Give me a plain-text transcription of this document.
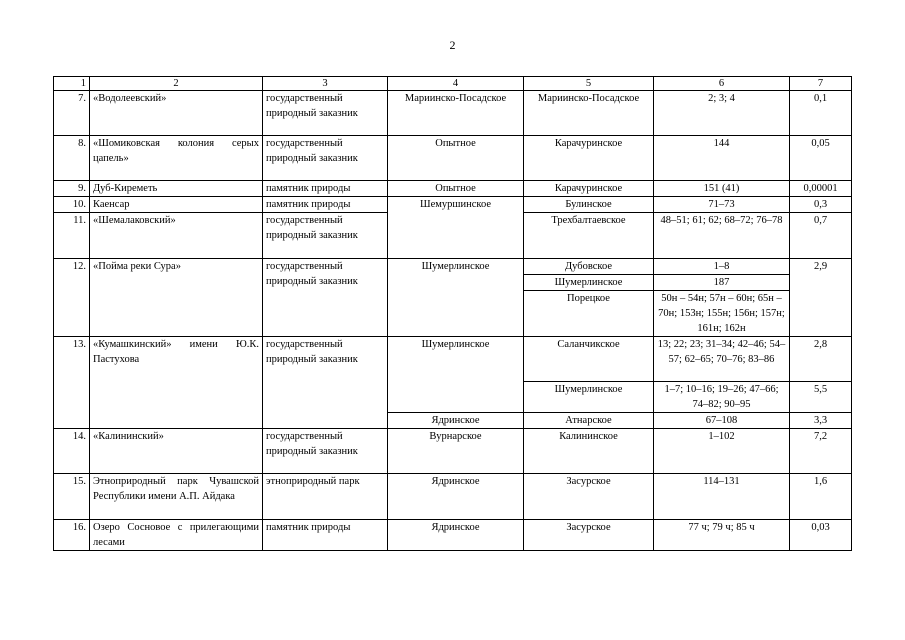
2
1	2	3	4	5	6	7
7.	«Водолеевский»	государственный природный заказник	Мариинско-Посадское	Мариинско-Посадское	2; 3; 4	0,1
8.	«Шомиковская колония серых цапель»	государственный природный заказник	Опытное	Карачуринское	144	0,05
9.	Дуб-Киреметь	памятник природы	Опытное	Карачуринское	151 (41)	0,00001
10.	Каенсар	памятник природы	Шемуршинское	Булинское	71–73	0,3
11.	«Шемалаковский»	государственный природный заказник		Трехбалтаевское	48–51; 61; 62; 68–72; 76–78	0,7
12.	«Пойма реки Сура»	государственный природный заказник	Шумерлинское	Дубовское	1–8	2,9
				Шумерлинское	187	
				Порецкое	50н – 54н; 57н – 60н; 65н – 70н; 153н; 155н; 156н; 157н; 161н; 162н	
13.	«Кумашкинский» имени Ю.К. Пастухова	государственный природный заказник	Шумерлинское	Саланчикское	13; 22; 23; 31–34; 42–46; 54–57; 62–65; 70–76; 83–86	2,8
				Шумерлинское	1–7; 10–16; 19–26; 47–66; 74–82; 90–95	5,5
			Ядринское	Атнарское	67–108	3,3
14.	«Калининский»	государственный природный заказник	Вурнарское	Калининское	1–102	7,2
15.	Этноприродный парк Чувашской Республики имени А.П. Айдака	этноприродный парк	Ядринское	Засурское	114–131	1,6
16.	Озеро Сосновое с прилегающими лесами	памятник природы	Ядринское	Засурское	77 ч; 79 ч; 85 ч	0,03
